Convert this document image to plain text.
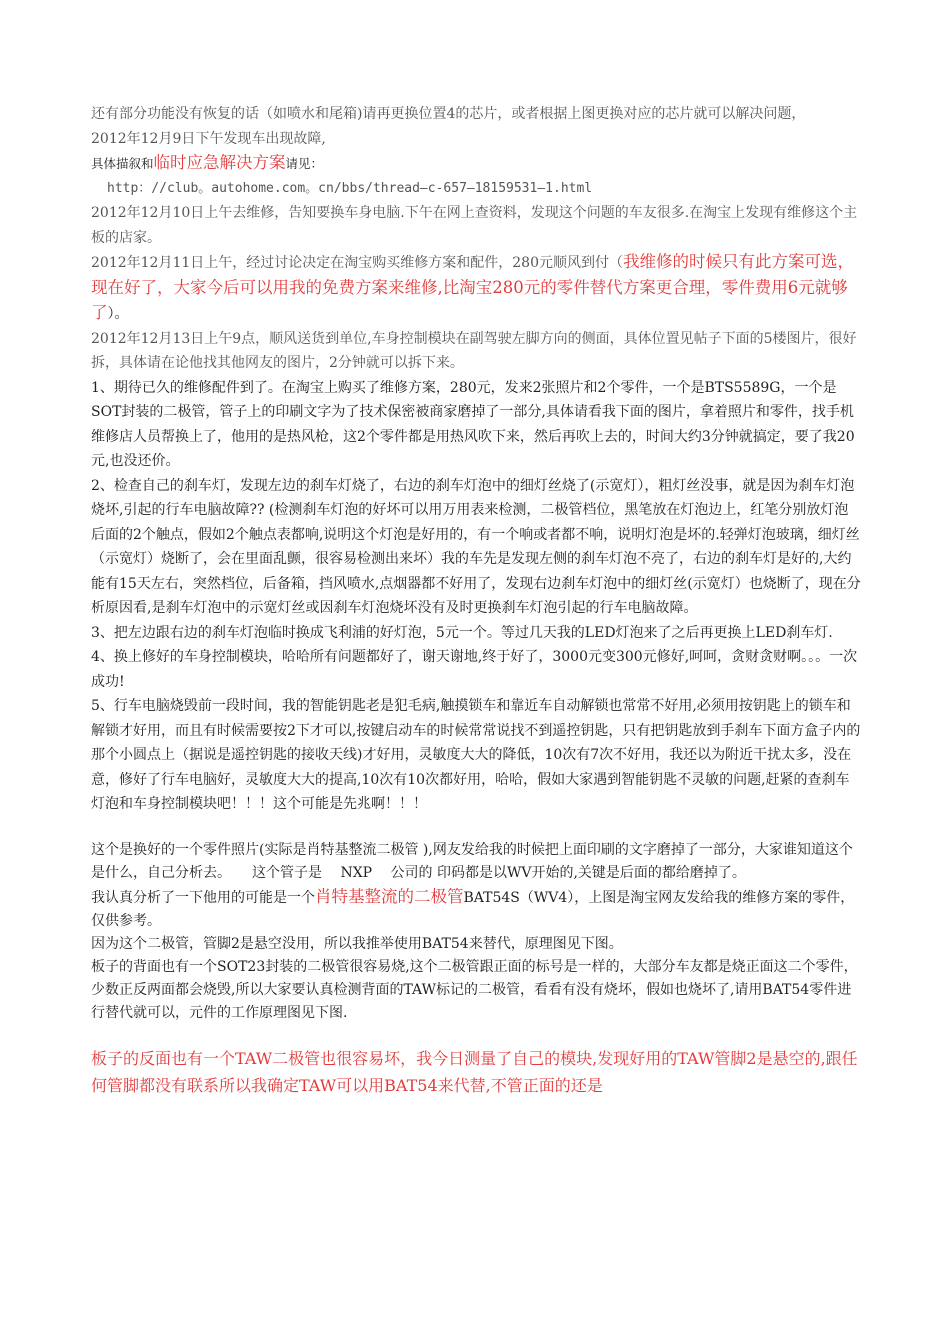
还有部分功能没有恢复的话（如喷水和尾箱)请再更换位置4的芯片，或者根据上图更换对应的芯片就可以解决问题，

2012年12月9日下午发现车出现故障,

具体描叙和临时应急解决方案请见：

http：//club。autohome.com。cn/bbs/thread—c-657—18159531—1.html

2012年12月10日上午去维修，告知要换车身电脑.下午在网上查资料，发现这个问题的车友很多.在淘宝上发现有维修这个主板的店家。

2012年12月11日上午，经过讨论决定在淘宝购买维修方案和配件，280元顺风到付（我维修的时候只有此方案可选，现在好了，大家今后可以用我的免费方案来维修,比淘宝280元的零件替代方案更合理，零件费用6元就够了）。

2012年12月13日上午9点，顺风送货到单位,车身控制模块在副驾驶左脚方向的侧面，具体位置见帖子下面的5楼图片，很好拆，具体请在论他找其他网友的图片，2分钟就可以拆下来。

1、期待已久的维修配件到了。在淘宝上购买了维修方案，280元，发来2张照片和2个零件，一个是BTS5589G，一个是SOT封装的二极管，管子上的印刷文字为了技术保密被商家磨掉了一部分,具体请看我下面的图片，拿着照片和零件，找手机维修店人员帮换上了，他用的是热风枪，这2个零件都是用热风吹下来，然后再吹上去的，时间大约3分钟就搞定，要了我20元,也没还价。

2、检查自己的刹车灯，发现左边的刹车灯烧了，右边的刹车灯泡中的细灯丝烧了(示宽灯），粗灯丝没事，就是因为刹车灯泡烧坏,引起的行车电脑故障?? (检测刹车灯泡的好坏可以用万用表来检测，二极管档位，黑笔放在灯泡边上，红笔分别放灯泡后面的2个触点，假如2个触点表都响,说明这个灯泡是好用的，有一个响或者都不响，说明灯泡是坏的.轻弹灯泡玻璃，细灯丝（示宽灯）烧断了，会在里面乱颤，很容易检测出来坏）我的车先是发现左侧的刹车灯泡不亮了，右边的刹车灯是好的,大约能有15天左右，突然档位，后备箱，挡风喷水,点烟器都不好用了，发现右边刹车灯泡中的细灯丝(示宽灯）也烧断了，现在分析原因看,是刹车灯泡中的示宽灯丝或因刹车灯泡烧坏没有及时更换刹车灯泡引起的行车电脑故障。

3、把左边跟右边的刹车灯泡临时换成飞利浦的好灯泡，5元一个。等过几天我的LED灯泡来了之后再更换上LED刹车灯.

4、换上修好的车身控制模块，哈哈所有问题都好了，谢天谢地,终于好了，3000元变300元修好,呵呵，贪财贪财啊。。。一次成功!

5、行车电脑烧毁前一段时间，我的智能钥匙老是犯毛病,触摸锁车和靠近车自动解锁也常常不好用,必须用按钥匙上的锁车和解锁才好用，而且有时候需要按2下才可以,按键启动车的时候常常说找不到遥控钥匙，只有把钥匙放到手刹车下面方盒子内的那个小圆点上（据说是遥控钥匙的接收天线)才好用，灵敏度大大的降低，10次有7次不好用，我还以为附近干扰太多，没在意，修好了行车电脑好，灵敏度大大的提高,10次有10次都好用，哈哈，假如大家遇到智能钥匙不灵敏的问题,赶紧的查刹车灯泡和车身控制模块吧！！！这个可能是先兆啊！！！

这个是换好的一个零件照片(实际是肖特基整流二极管 ),网友发给我的时候把上面印刷的文字磨掉了一部分，大家谁知道这个是什么，自己分析去。　　这个管子是　 NXP　 公司的 印码都是以WV开始的,关键是后面的都给磨掉了。

我认真分析了一下他用的可能是一个肖特基整流的二极管BAT54S（WV4），上图是淘宝网友发给我的维修方案的零件，仅供参考。

因为这个二极管，管脚2是悬空没用，所以我推举使用BAT54来替代，原理图见下图。

板子的背面也有一个SOT23封装的二极管很容易烧,这个二极管跟正面的标号是一样的，大部分车友都是烧正面这二个零件，少数正反两面都会烧毁,所以大家要认真检测背面的TAW标记的二极管，看看有没有烧坏，假如也烧坏了,请用BAT54零件进行替代就可以，元件的工作原理图见下图.

板子的反面也有一个TAW二极管也很容易坏，我今日测量了自己的模块,发现好用的TAW管脚2是悬空的,跟任何管脚都没有联系所以我确定TAW可以用BAT54来代替,不管正面的还是
